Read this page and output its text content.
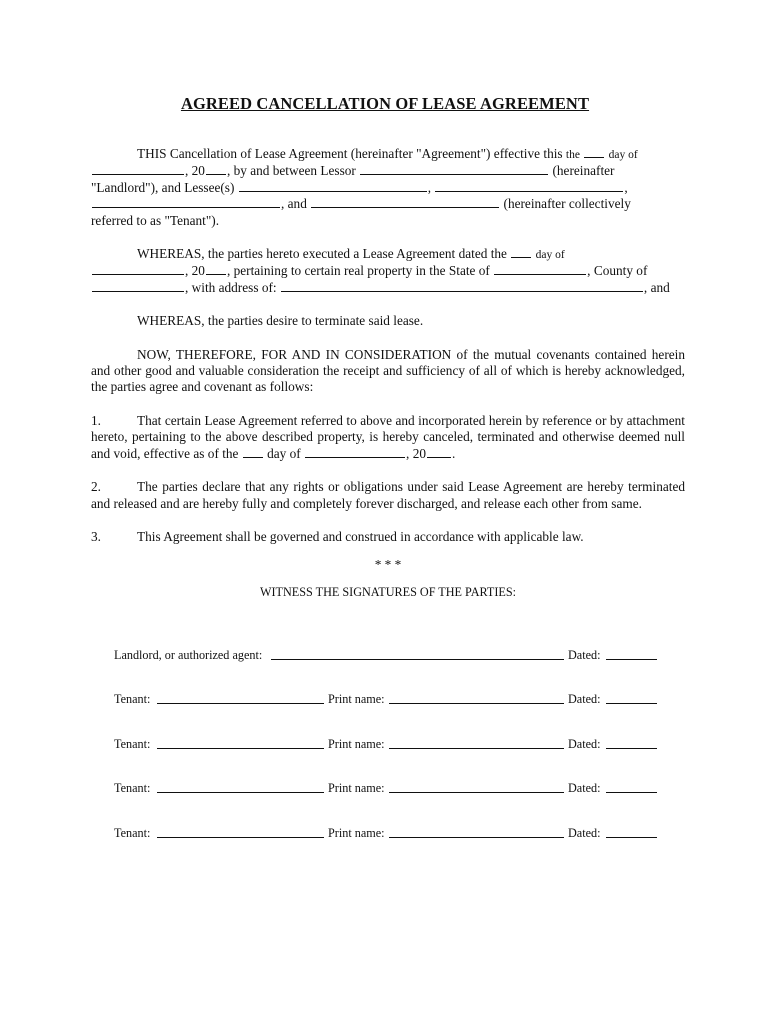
AGREED CANCELLATION OF LEASE AGREEMENT

THIS Cancellation of Lease Agreement (hereinafter "Agreement") effective this the day of
, 20 , by and between Lessor	(hereinafter
"Landlord"), and Lessee(s)	,	,
, and	(hereinafter collectively
referred to as "Tenant").

WHEREAS, the parties hereto executed a Lease Agreement dated the day of
, 20 , pertaining to certain real property in the State of	, County of
, with address of:	, and

WHEREAS, the parties desire to terminate said lease.

NOW, THEREFORE, FOR AND IN CONSIDERATION of the mutual covenants contained herein and other good and valuable consideration the receipt and sufficiency of all of which is hereby acknowledged, the parties agree and covenant as follows:

1.	That certain Lease Agreement referred to above and incorporated herein by reference or by attachment hereto, pertaining to the above described property, is hereby canceled, terminated and otherwise deemed null and void, effective as of the day of	, 20 .

2.	The parties declare that any rights or obligations under said Lease Agreement are hereby terminated and released and are hereby fully and completely forever discharged, and release each other from same.

3.	This Agreement shall be governed and construed in accordance with applicable law.

* * *

WITNESS THE SIGNATURES OF THE PARTIES:

Landlord, or authorized agent:	Dated:
Tenant:	Print name:	Dated:
Tenant:	Print name:	Dated:
Tenant:	Print name:	Dated:
Tenant:	Print name:	Dated:
